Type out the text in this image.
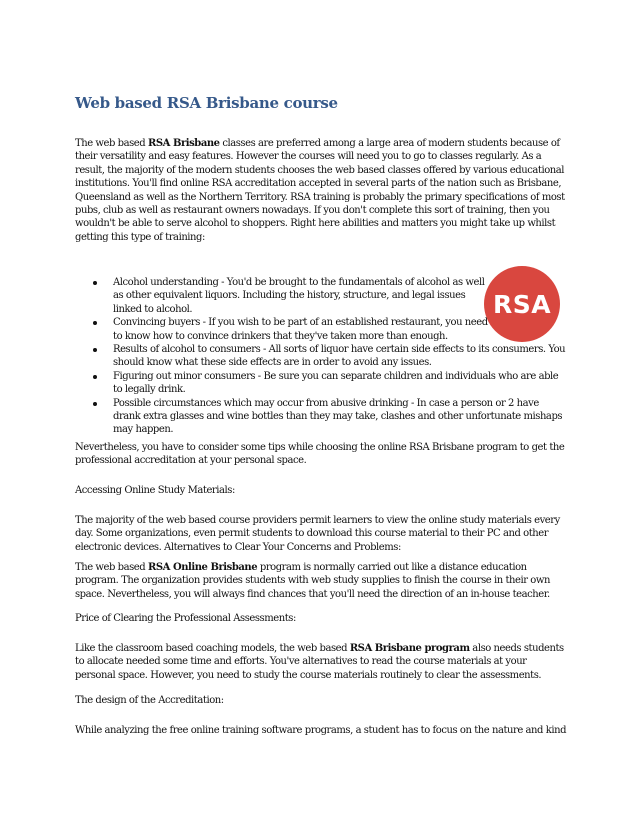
Web based RSA Brisbane course

The web based RSA Brisbane classes are preferred among a large area of modern students because of their versatility and easy features. However the courses will need you to go to classes regularly. As a result, the majority of the modern students chooses the web based classes offered by various educational institutions. You'll find online RSA accreditation accepted in several parts of the nation such as Brisbane, Queensland as well as the Northern Territory. RSA training is probably the primary specifications of most pubs, club as well as restaurant owners nowadays. If you don't complete this sort of training, then you wouldn't be able to serve alcohol to shoppers. Right here abilities and matters you might take up whilst getting this type of training:

RSA
Alcohol understanding - You'd be brought to the fundamentals of alcohol as well as other equivalent liquors. Including the history, structure, and legal issues linked to alcohol.
Convincing buyers - If you wish to be part of an established restaurant, you need to know how to convince drinkers that they've taken more than enough.
Results of alcohol to consumers - All sorts of liquor have certain side effects to its consumers. You should know what these side effects are in order to avoid any issues.
Figuring out minor consumers - Be sure you can separate children and individuals who are able to legally drink.
Possible circumstances which may occur from abusive drinking - In case a person or 2 have drank extra glasses and wine bottles than they may take, clashes and other unfortunate mishaps may happen.

Nevertheless, you have to consider some tips while choosing the online RSA Brisbane program to get the professional accreditation at your personal space.

Accessing Online Study Materials:

The majority of the web based course providers permit learners to view the online study materials every day. Some organizations, even permit students to download this course material to their PC and other electronic devices. Alternatives to Clear Your Concerns and Problems:

The web based RSA Online Brisbane program is normally carried out like a distance education program. The organization provides students with web study supplies to finish the course in their own space. Nevertheless, you will always find chances that you'll need the direction of an in-house teacher.

Price of Clearing the Professional Assessments:

Like the classroom based coaching models, the web based RSA Brisbane program also needs students to allocate needed some time and efforts. You've alternatives to read the course materials at your personal space. However, you need to study the course materials routinely to clear the assessments.

The design of the Accreditation:

While analyzing the free online training software programs, a student has to focus on the nature and kind
